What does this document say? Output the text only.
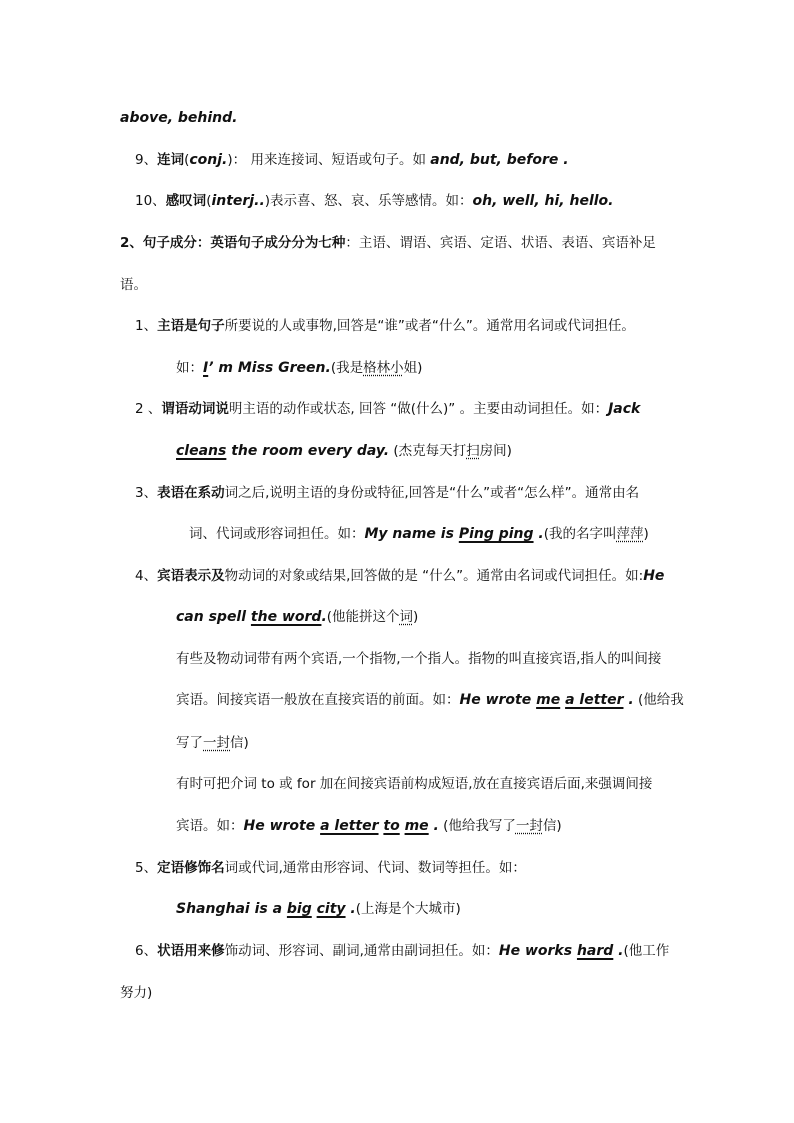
above, behind.
9、连词(conj.)： 用来连接词、短语或句子。如 and, but, before .
10、感叹词(interj..)表示喜、怒、哀、乐等感情。如：oh, well, hi, hello.
2、句子成分：英语句子成分分为七种：主语、谓语、宾语、定语、状语、表语、宾语补足
语。
1、主语是句子所要说的人或事物,回答是“谁”或者“什么”。通常用名词或代词担任。
如：I’ m Miss Green.(我是格林小姐)
2 、谓语动词说明主语的动作或状态, 回答 “做(什么)” 。主要由动词担任。如：Jack
cleans the room every day. (杰克每天打扫房间)
3、表语在系动词之后,说明主语的身份或特征,回答是“什么”或者“怎么样”。通常由名
词、代词或形容词担任。如：My name is Ping ping .(我的名字叫萍萍)
4、宾语表示及物动词的对象或结果,回答做的是 “什么”。通常由名词或代词担任。如:He
can spell the word.(他能拼这个词)
有些及物动词带有两个宾语,一个指物,一个指人。指物的叫直接宾语,指人的叫间接
宾语。间接宾语一般放在直接宾语的前面。如：He wrote me a letter . (他给我
写了一封信)
有时可把介词 to 或 for 加在间接宾语前构成短语,放在直接宾语后面,来强调间接
宾语。如：He wrote a letter to me . (他给我写了一封信)
5、定语修饰名词或代词,通常由形容词、代词、数词等担任。如：
Shanghai is a big city .(上海是个大城市)
6、状语用来修饰动词、形容词、副词,通常由副词担任。如：He works hard .(他工作
努力)
